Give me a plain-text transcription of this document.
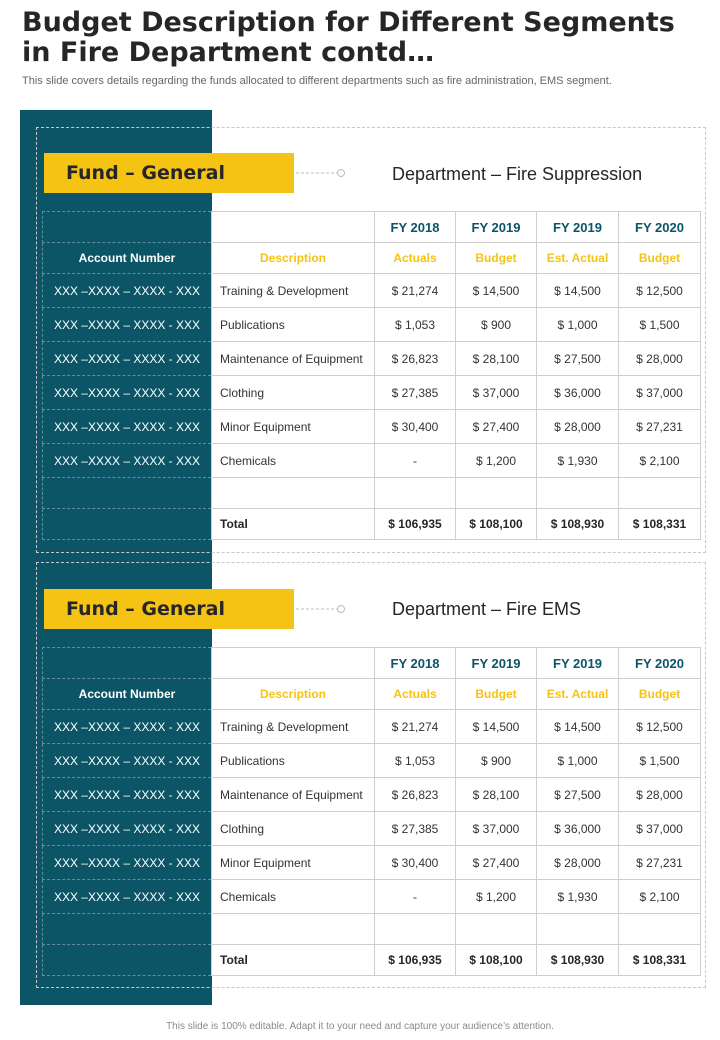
Budget Description for Different Segments in Fire Department contd…
This slide covers details regarding the funds allocated to different departments such as fire administration, EMS segment.
Fund – General	Department – Fire Suppression
		FY 2018	FY 2019	FY 2019	FY 2020
Account Number	Description	Actuals	Budget	Est. Actual	Budget
XXX –XXXX – XXXX - XXX	Training & Development	$ 21,274	$ 14,500	$ 14,500	$ 12,500
XXX –XXXX – XXXX - XXX	Publications	$ 1,053	$ 900	$ 1,000	$ 1,500
XXX –XXXX – XXXX - XXX	Maintenance of Equipment	$ 26,823	$ 28,100	$ 27,500	$ 28,000
XXX –XXXX – XXXX - XXX	Clothing	$ 27,385	$ 37,000	$ 36,000	$ 37,000
XXX –XXXX – XXXX - XXX	Minor Equipment	$ 30,400	$ 27,400	$ 28,000	$ 27,231
XXX –XXXX – XXXX - XXX	Chemicals	-	$ 1,200	$ 1,930	$ 2,100

	Total	$ 106,935	$ 108,100	$ 108,930	$ 108,331
Fund – General	Department – Fire EMS
		FY 2018	FY 2019	FY 2019	FY 2020
Account Number	Description	Actuals	Budget	Est. Actual	Budget
XXX –XXXX – XXXX - XXX	Training & Development	$ 21,274	$ 14,500	$ 14,500	$ 12,500
XXX –XXXX – XXXX - XXX	Publications	$ 1,053	$ 900	$ 1,000	$ 1,500
XXX –XXXX – XXXX - XXX	Maintenance of Equipment	$ 26,823	$ 28,100	$ 27,500	$ 28,000
XXX –XXXX – XXXX - XXX	Clothing	$ 27,385	$ 37,000	$ 36,000	$ 37,000
XXX –XXXX – XXXX - XXX	Minor Equipment	$ 30,400	$ 27,400	$ 28,000	$ 27,231
XXX –XXXX – XXXX - XXX	Chemicals	-	$ 1,200	$ 1,930	$ 2,100

	Total	$ 106,935	$ 108,100	$ 108,930	$ 108,331
This slide is 100% editable. Adapt it to your need and capture your audience’s attention.
